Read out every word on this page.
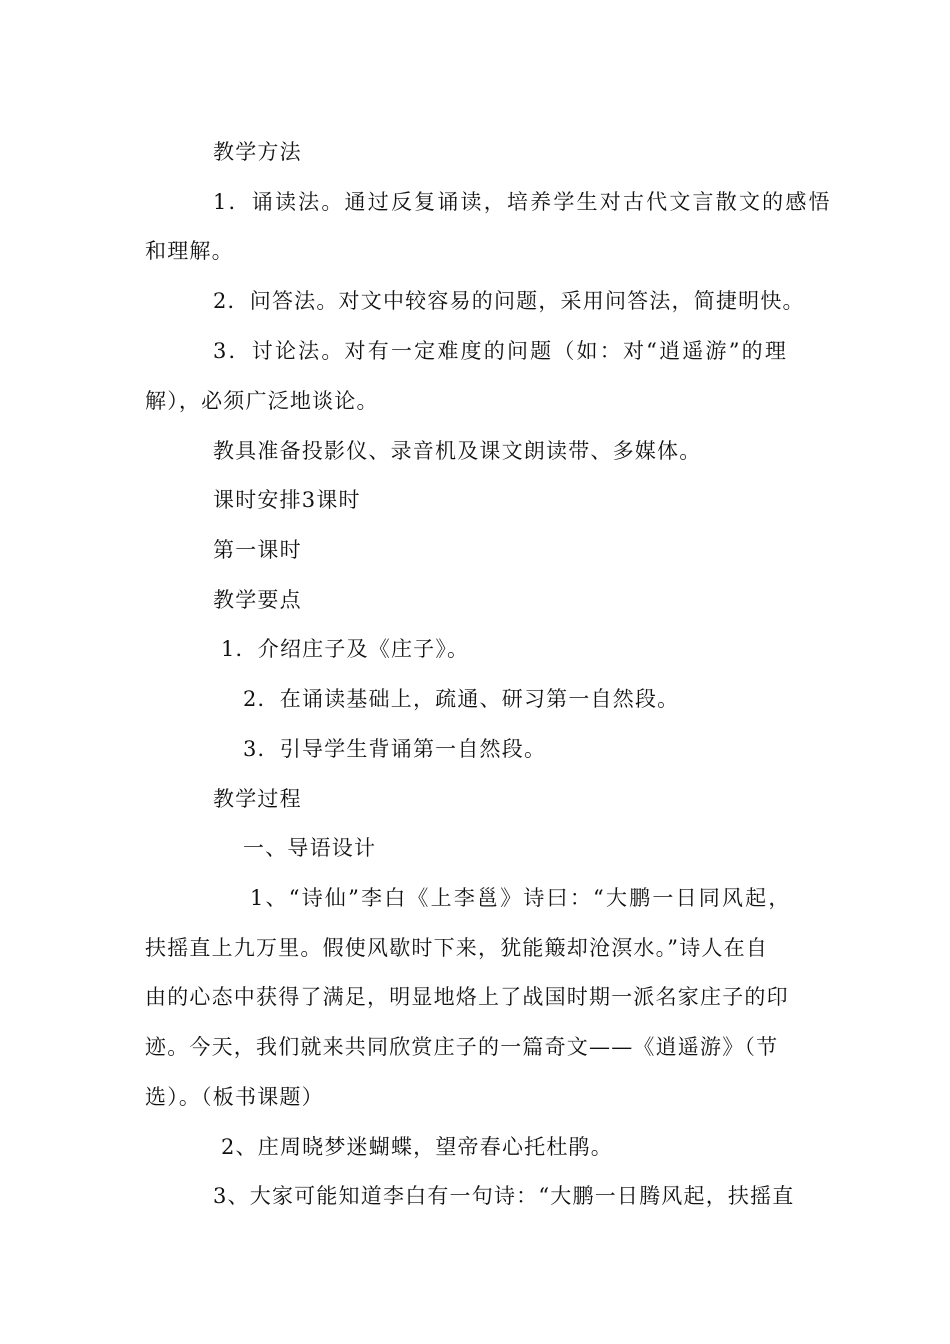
教学方法
1．诵读法。通过反复诵读，培养学生对古代文言散文的感悟
和理解。
2．问答法。对文中较容易的问题，采用问答法，简捷明快。
3．讨论法。对有一定难度的问题（如：对“逍遥游”的理
解），必须广泛地谈论。
教具准备投影仪、录音机及课文朗读带、多媒体。
课时安排3课时
第一课时
教学要点
1．介绍庄子及《庄子》。
2．在诵读基础上，疏通、研习第一自然段。
3．引导学生背诵第一自然段。
教学过程
一、导语设计
1、“诗仙”李白《上李邕》诗曰：“大鹏一日同风起，
扶摇直上九万里。假使风歇时下来，犹能簸却沧溟水。”诗人在自
由的心态中获得了满足，明显地烙上了战国时期一派名家庄子的印
迹。今天，我们就来共同欣赏庄子的一篇奇文——《逍遥游》（节
选）。（板书课题）
2、庄周晓梦迷蝴蝶，望帝春心托杜鹃。
3、大家可能知道李白有一句诗：“大鹏一日腾风起，扶摇直
